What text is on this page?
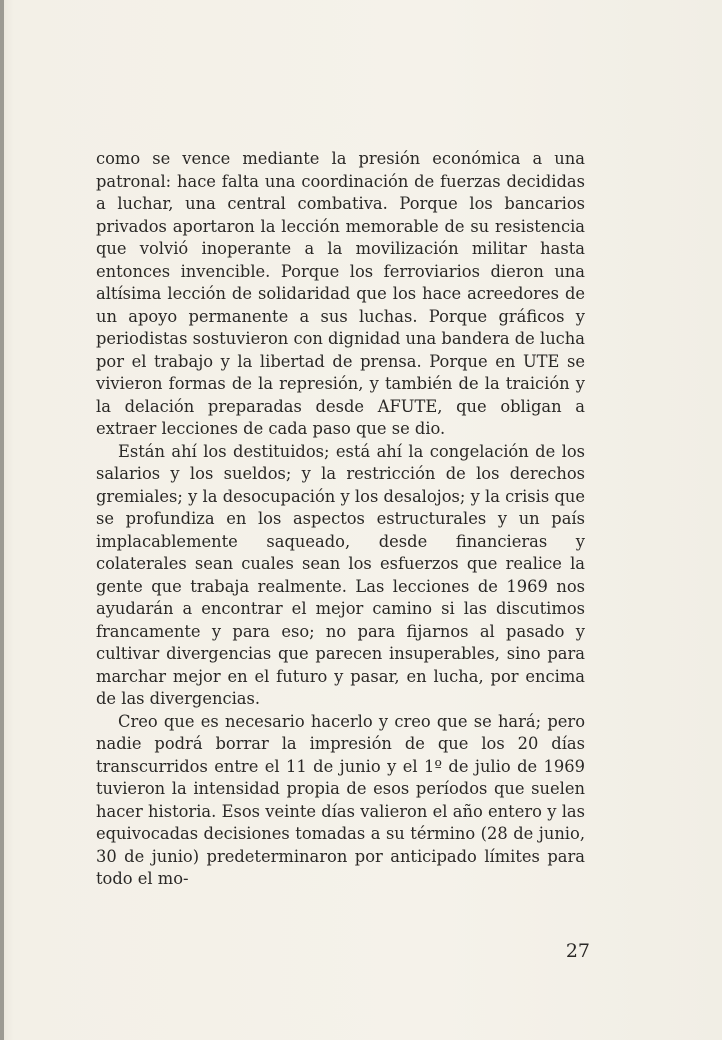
como se vence mediante la presión económica a una patronal: hace falta una coordinación de fuerzas decididas a luchar, una central combativa. Porque los bancarios privados aportaron la lección memorable de su resistencia que volvió inoperante a la movilización militar hasta entonces invencible. Porque los ferroviarios dieron una altísima lección de solidaridad que los hace acreedores de un apoyo permanente a sus luchas. Porque gráficos y periodistas sostuvieron con dignidad una bandera de lucha por el trabajo y la libertad de prensa. Porque en UTE se vivieron formas de la represión, y también de la traición y la delación preparadas desde AFUTE, que obligan a extraer lecciones de cada paso que se dio.

Están ahí los destituidos; está ahí la congelación de los salarios y los sueldos; y la restricción de los derechos gremiales; y la desocupación y los desalojos; y la crisis que se profundiza en los aspectos estructurales y un país implacablemente saqueado, desde financieras y colaterales sean cuales sean los esfuerzos que realice la gente que trabaja realmente. Las lecciones de 1969 nos ayudarán a encontrar el mejor camino si las discutimos francamente y para eso; no para fijarnos al pasado y cultivar divergencias que parecen insuperables, sino para marchar mejor en el futuro y pasar, en lucha, por encima de las divergencias.

Creo que es necesario hacerlo y creo que se hará; pero nadie podrá borrar la impresión de que los 20 días transcurridos entre el 11 de junio y el 1º de julio de 1969 tuvieron la intensidad propia de esos períodos que suelen hacer historia. Esos veinte días valieron el año entero y las equivocadas decisiones tomadas a su término (28 de junio, 30 de junio) predeterminaron por anticipado límites para todo el mo-

27
